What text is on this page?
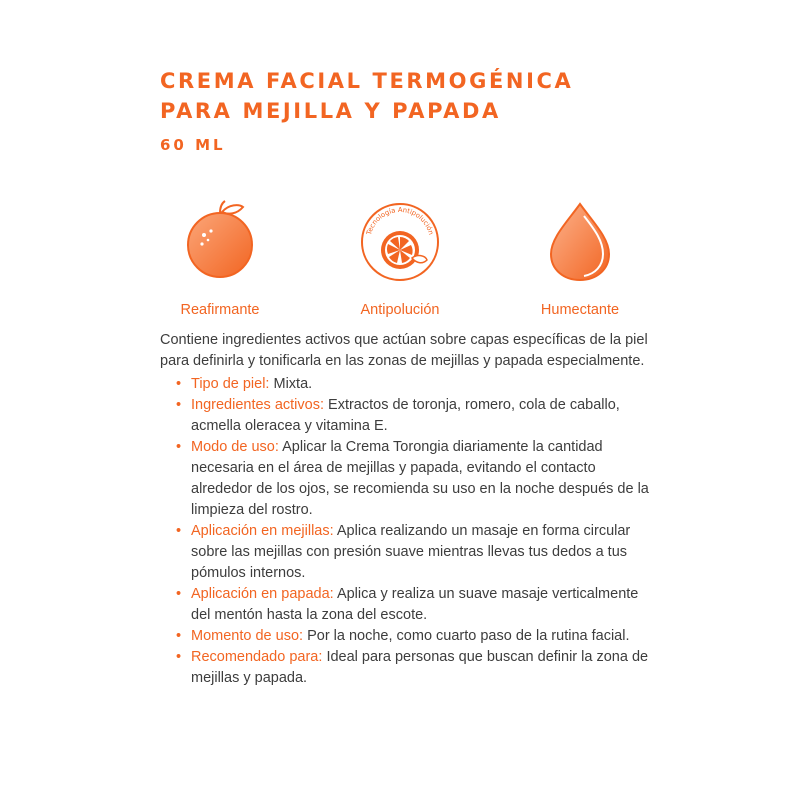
CREMA FACIAL TERMOGÉNICA
PARA MEJILLA Y PAPADA
60 ML
Reafirmante
Tecnología Antipolución
Antipolución	Humectante

Contiene ingredientes activos que actúan sobre capas específicas de la piel para definirla y tonificarla en las zonas de mejillas y papada especialmente.

• Tipo de piel: Mixta.
• Ingredientes activos: Extractos de toronja, romero, cola de caballo, acmella oleracea y vitamina E.
• Modo de uso: Aplicar la Crema Torongia diariamente la cantidad necesaria en el área de mejillas y papada, evitando el contacto alrededor de los ojos, se recomienda su uso en la noche después de la limpieza del rostro.
• Aplicación en mejillas: Aplica realizando un masaje en forma circular sobre las mejillas con presión suave mientras llevas tus dedos a tus pómulos internos.
• Aplicación en papada: Aplica y realiza un suave masaje verticalmente del mentón hasta la zona del escote.
• Momento de uso: Por la noche, como cuarto paso de la rutina facial.
• Recomendado para: Ideal para personas que buscan definir la zona de mejillas y papada.
